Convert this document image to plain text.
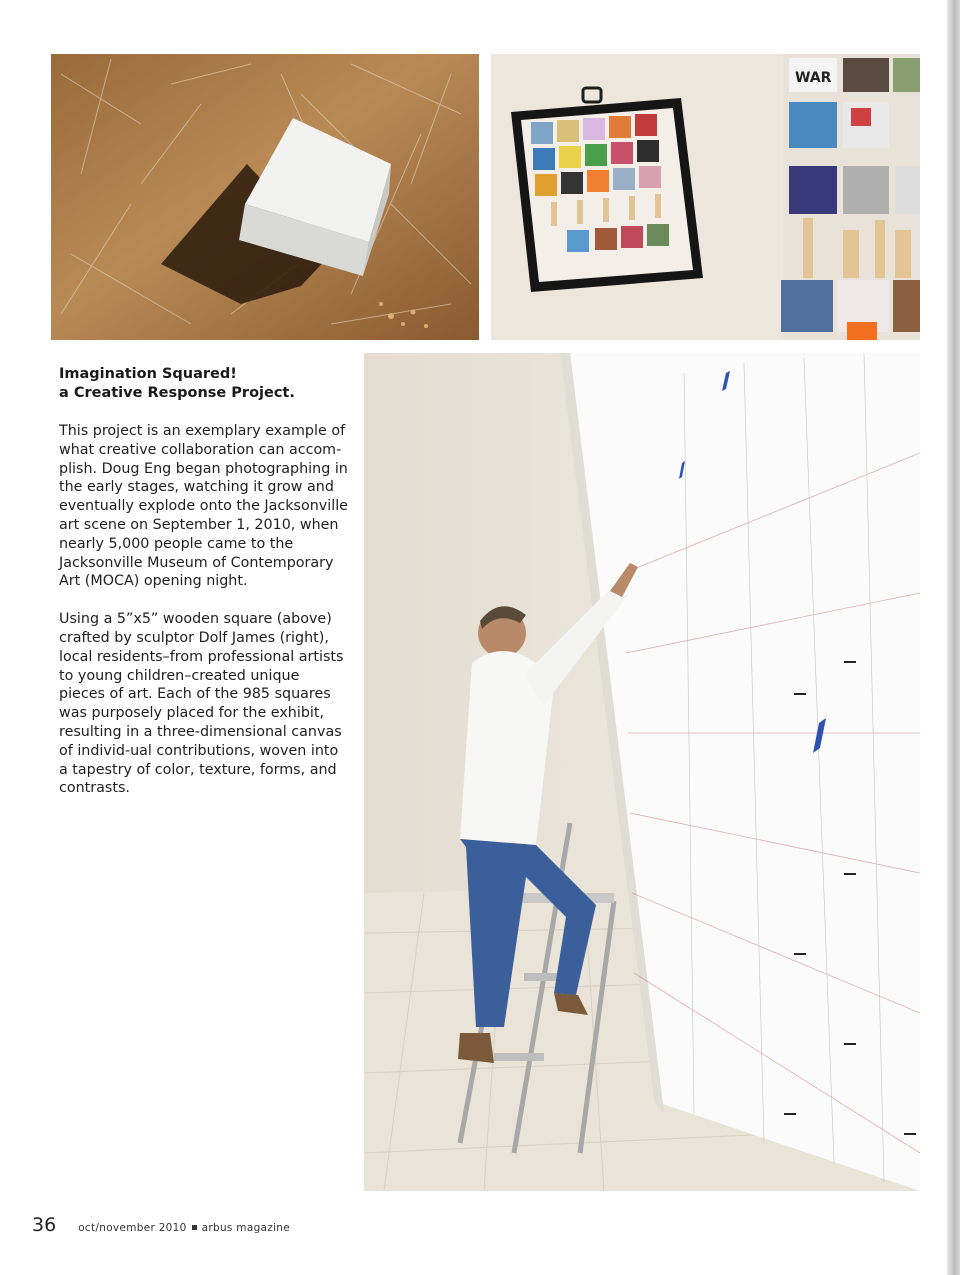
WAR
Imagination Squared!
a Creative Response Project.

This project is an exemplary example of what creative collaboration can accom-plish. Doug Eng began photographing in the early stages, watching it grow and eventually explode onto the Jacksonville art scene on September 1, 2010, when nearly 5,000 people came to the Jacksonville Museum of Contemporary Art (MOCA) opening night.

Using a 5”x5” wooden square (above) crafted by sculptor Dolf James (right), local residents–from professional artists to young children–created unique pieces of art. Each of the 985 squares was purposely placed for the exhibit, resulting in a three-dimensional canvas of individ-ual contributions, woven into a tapestry of color, texture, forms, and contrasts.

36 oct/november 2010 arbus magazine
